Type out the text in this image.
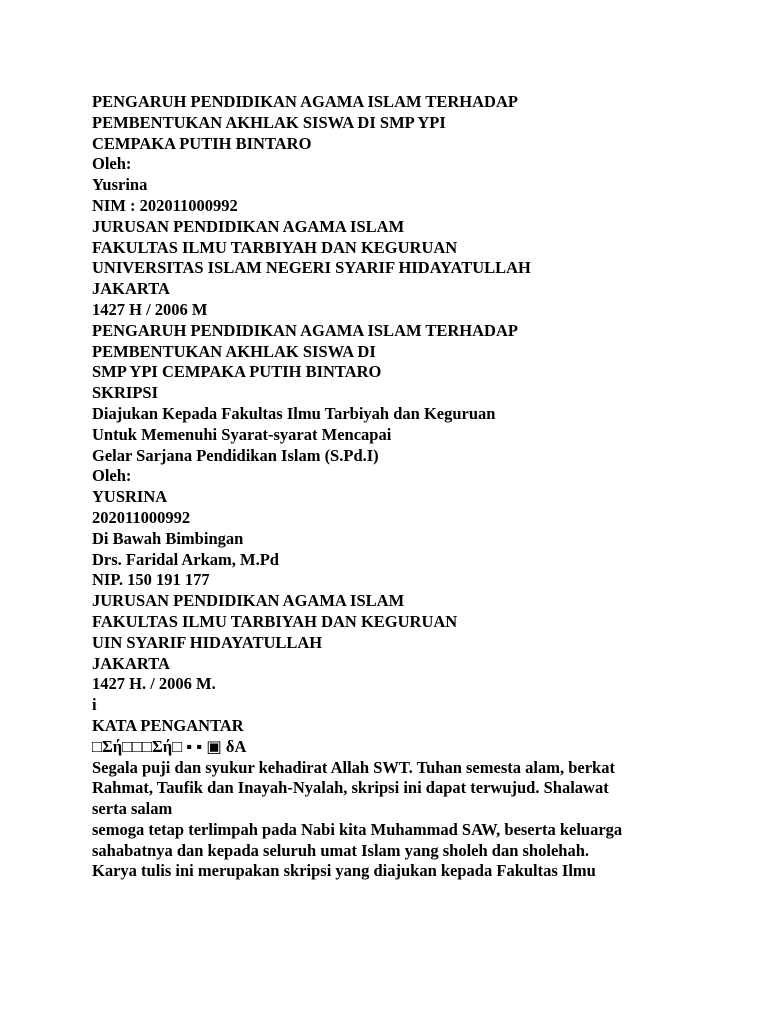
PENGARUH PENDIDIKAN AGAMA ISLAM TERHADAP

PEMBENTUKAN AKHLAK SISWA DI SMP YPI

CEMPAKA PUTIH BINTARO

Oleh:

Yusrina

NIM : 202011000992

JURUSAN PENDIDIKAN AGAMA ISLAM

FAKULTAS ILMU TARBIYAH DAN KEGURUAN

UNIVERSITAS ISLAM NEGERI SYARIF HIDAYATULLAH

JAKARTA

1427 H / 2006 M

PENGARUH PENDIDIKAN AGAMA ISLAM TERHADAP

PEMBENTUKAN AKHLAK SISWA DI

SMP YPI CEMPAKA PUTIH BINTARO

SKRIPSI

Diajukan Kepada Fakultas Ilmu Tarbiyah dan Keguruan

Untuk Memenuhi Syarat-syarat Mencapai

Gelar Sarjana Pendidikan Islam (S.Pd.I)

Oleh:

YUSRINA

202011000992

Di Bawah Bimbingan

Drs. Faridal Arkam, M.Pd

NIP. 150 191 177

JURUSAN PENDIDIKAN AGAMA ISLAM

FAKULTAS ILMU TARBIYAH DAN KEGURUAN

UIN SYARIF HIDAYATULLAH

JAKARTA

1427 H. / 2006 M.

i

KATA PENGANTAR

□Σή□□□Σή□ ▪ ▪ ▣ δA

Segala puji dan syukur kehadirat Allah SWT. Tuhan semesta alam, berkat

Rahmat, Taufik dan Inayah-Nyalah, skripsi ini dapat terwujud. Shalawat

serta salam

semoga tetap terlimpah pada Nabi kita Muhammad SAW, beserta keluarga

sahabatnya dan kepada seluruh umat Islam yang sholeh dan sholehah.

Karya tulis ini merupakan skripsi yang diajukan kepada Fakultas Ilmu
